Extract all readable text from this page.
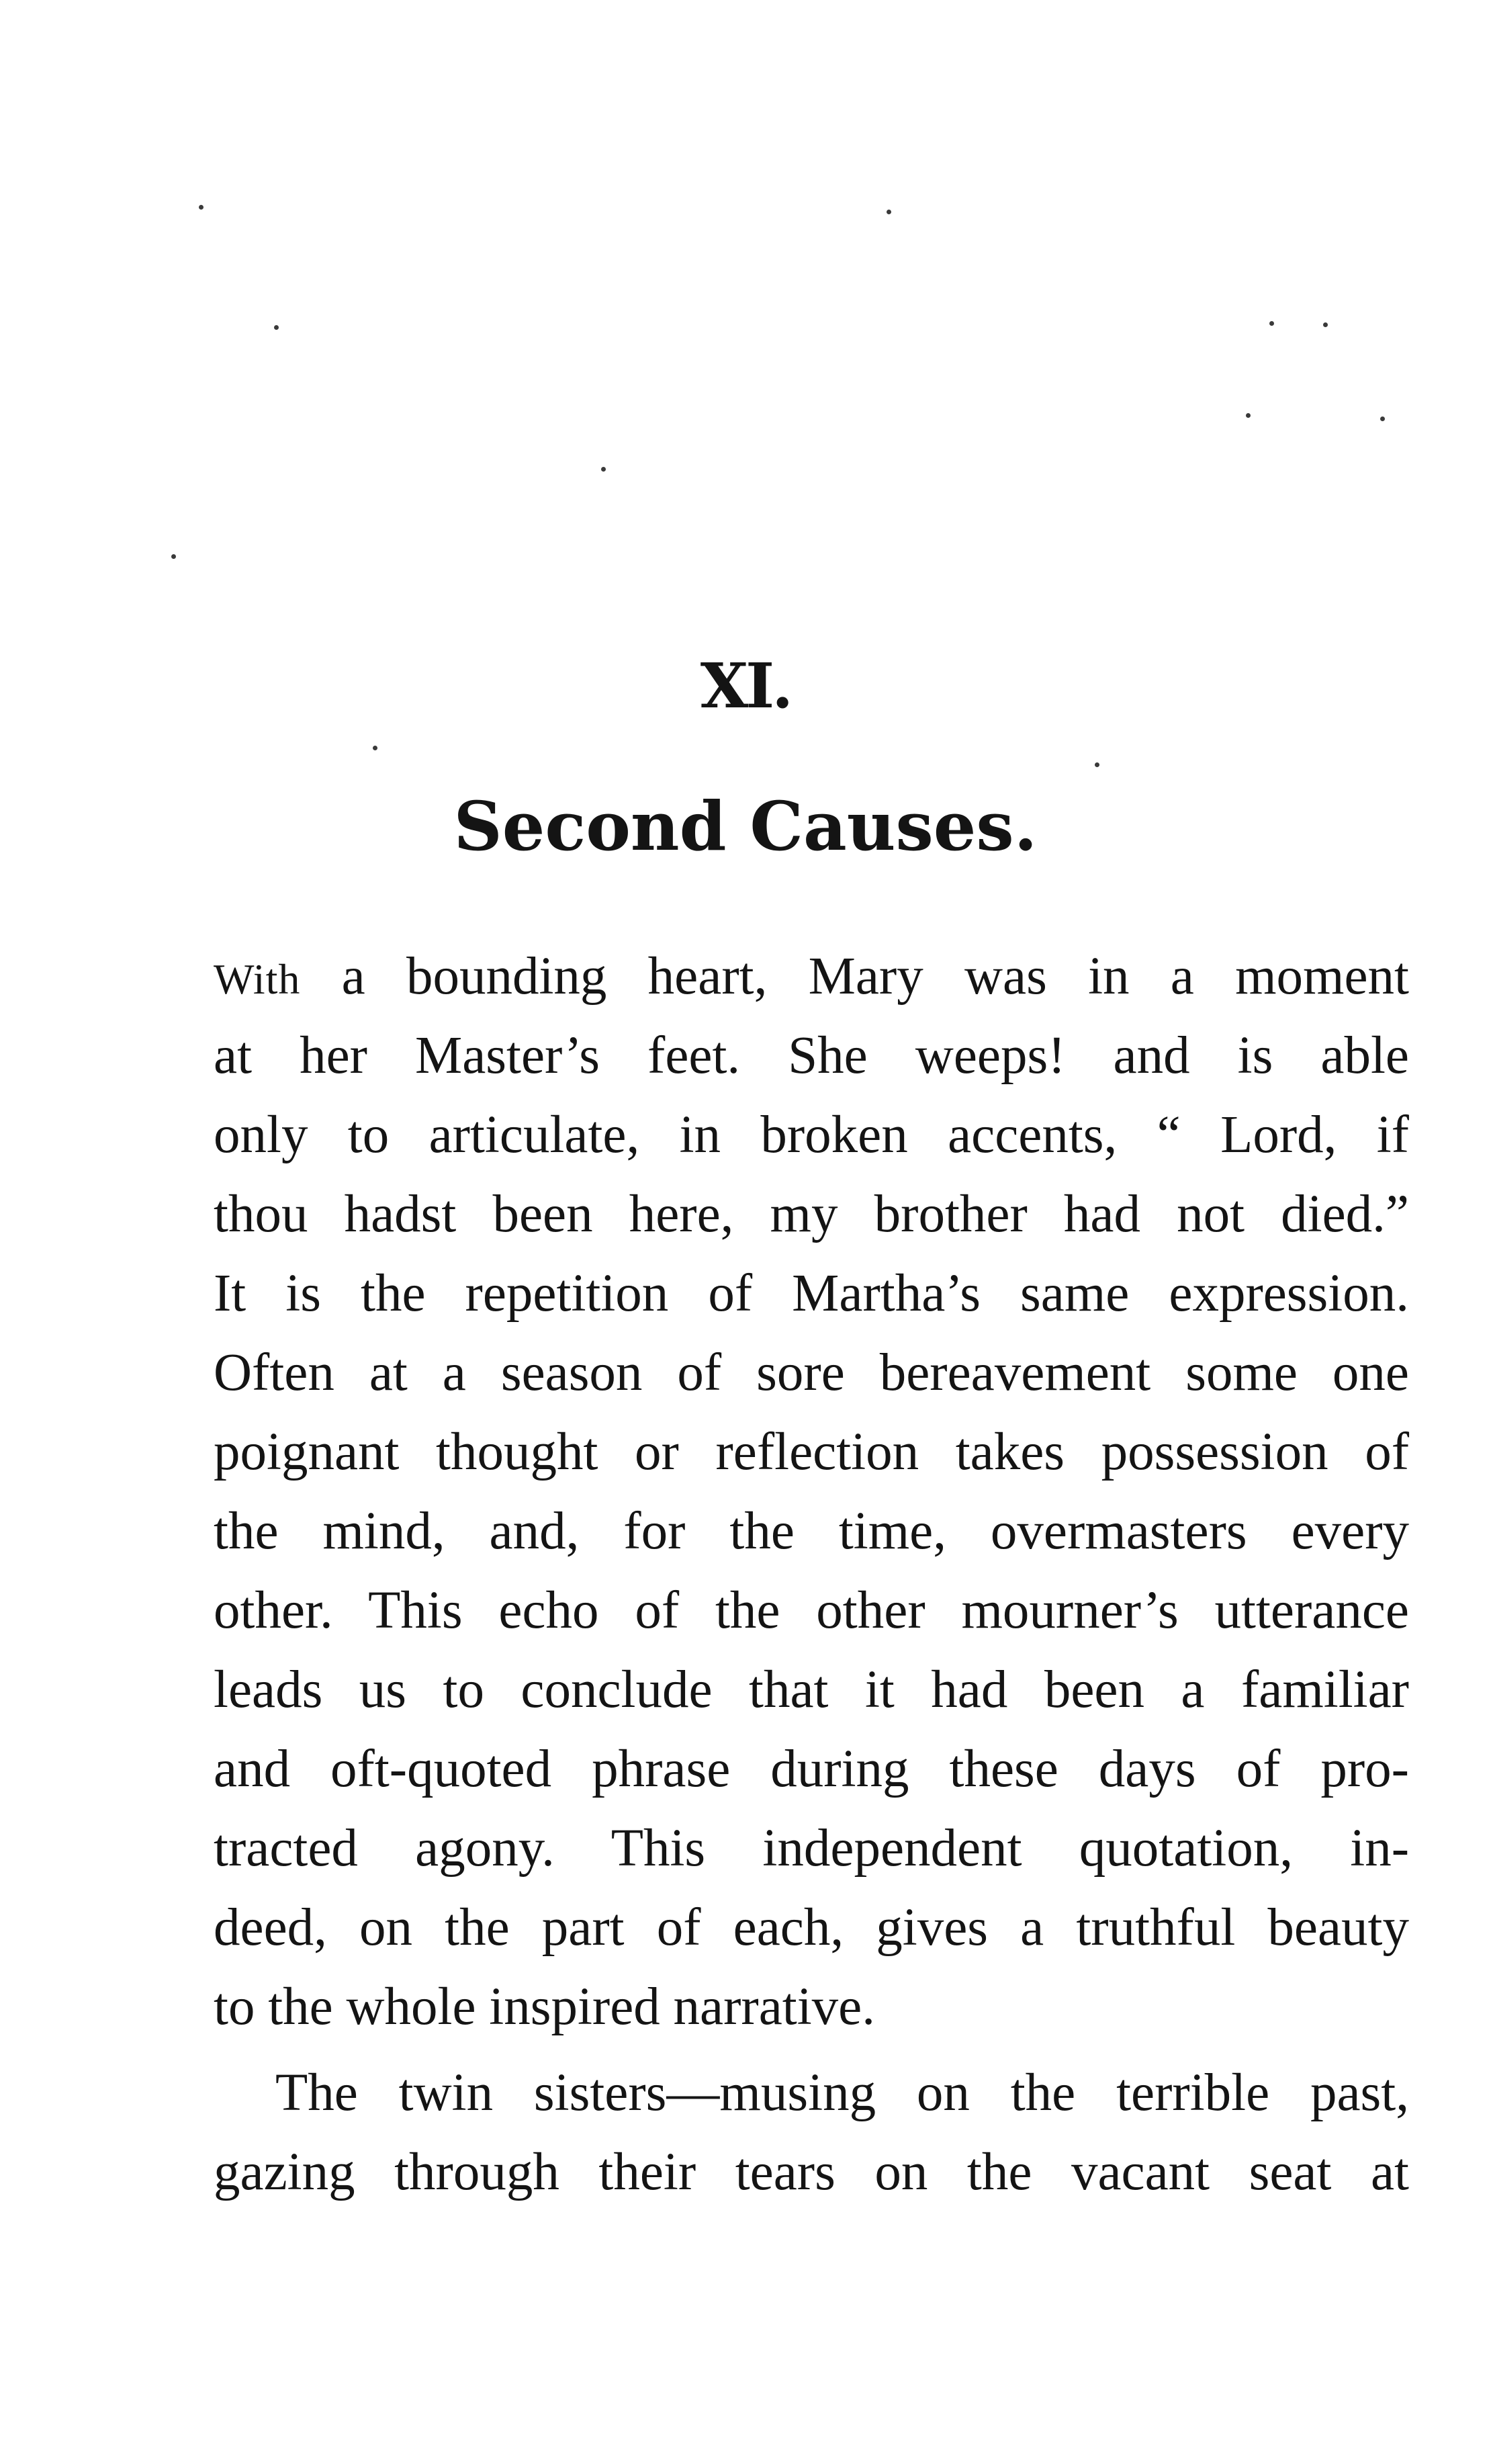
XI.
Second Causes.
With a bounding heart, Mary was in a moment
at her Master’s feet. She weeps! and is able
only to articulate, in broken accents, “ Lord, if
thou hadst been here, my brother had not died.”
It is the repetition of Martha’s same expression.
Often at a season of sore bereavement some one
poignant thought or reflection takes possession of
the mind, and, for the time, overmasters every
other. This echo of the other mourner’s utterance
leads us to conclude that it had been a familiar
and oft-quoted phrase during these days of pro-
tracted agony. This independent quotation, in-
deed, on the part of each, gives a truthful beauty
to the whole inspired narrative.
The twin sisters—musing on the terrible past,
gazing through their tears on the vacant seat at
